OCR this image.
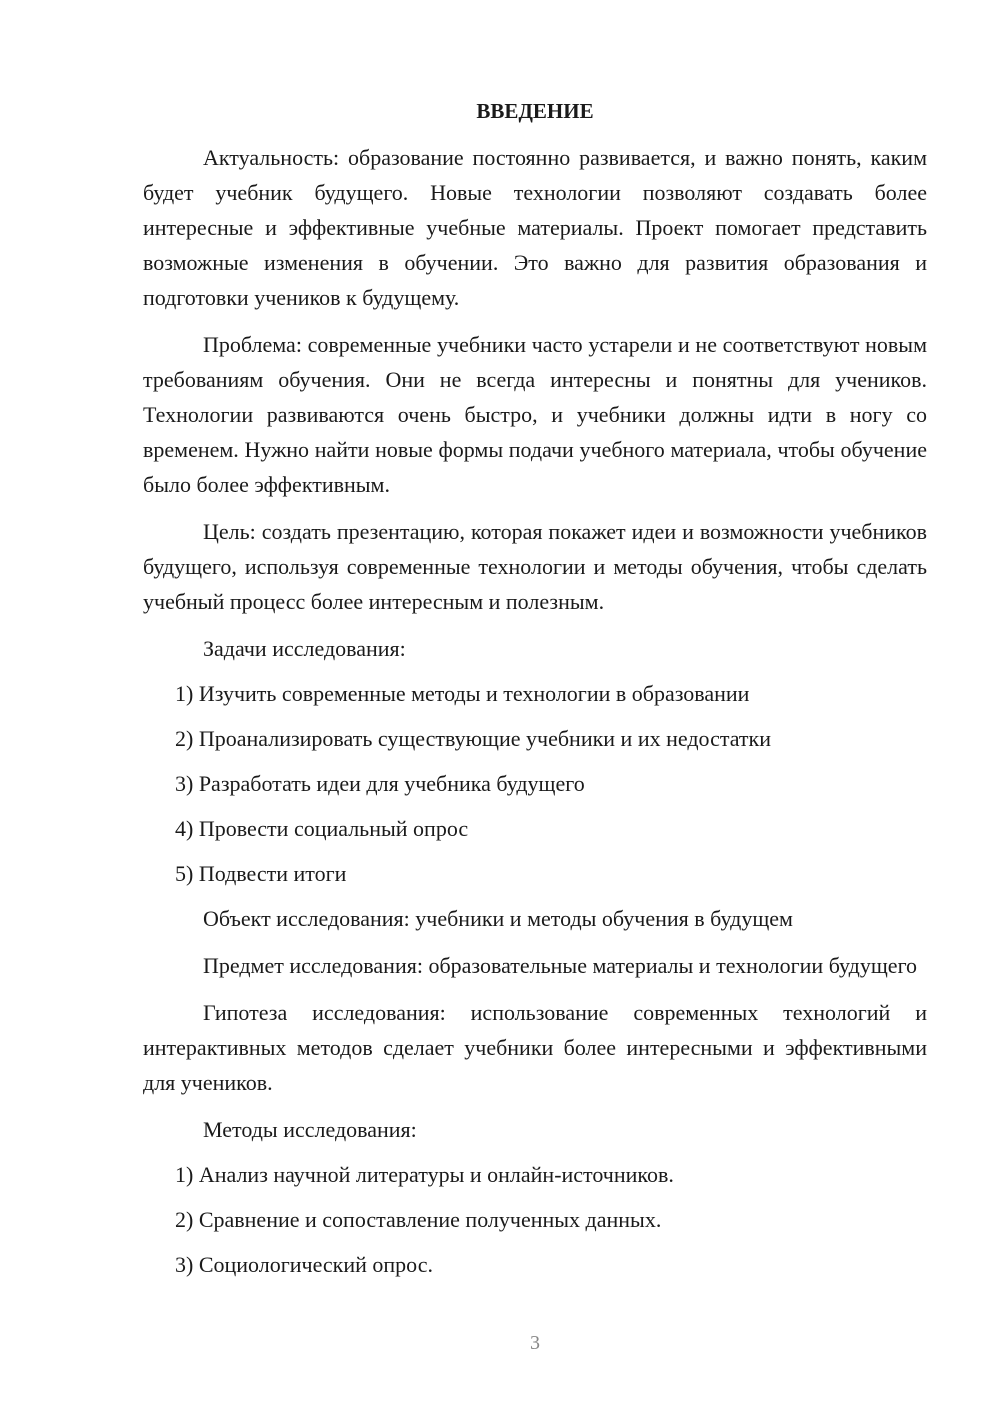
ВВЕДЕНИЕ

Актуальность: образование постоянно развивается, и важно понять, каким будет учебник будущего. Новые технологии позволяют создавать более интересные и эффективные учебные материалы. Проект помогает представить возможные изменения в обучении. Это важно для развития образования и подготовки учеников к будущему.

Проблема: современные учебники часто устарели и не соответствуют новым требованиям обучения. Они не всегда интересны и понятны для учеников. Технологии развиваются очень быстро, и учебники должны идти в ногу со временем. Нужно найти новые формы подачи учебного материала, чтобы обучение было более эффективным.

Цель: создать презентацию, которая покажет идеи и возможности учебников будущего, используя современные технологии и методы обучения, чтобы сделать учебный процесс более интересным и полезным.

Задачи исследования:
1) Изучить современные методы и технологии в образовании
2) Проанализировать существующие учебники и их недостатки
3) Разработать идеи для учебника будущего
4) Провести социальный опрос
5) Подвести итоги

Объект исследования: учебники и методы обучения в будущем

Предмет исследования: образовательные материалы и технологии будущего

Гипотеза исследования: использование современных технологий и интерактивных методов сделает учебники более интересными и эффективными для учеников.

Методы исследования:
1) Анализ научной литературы и онлайн-источников.
2) Сравнение и сопоставление полученных данных.
3) Социологический опрос.
3
